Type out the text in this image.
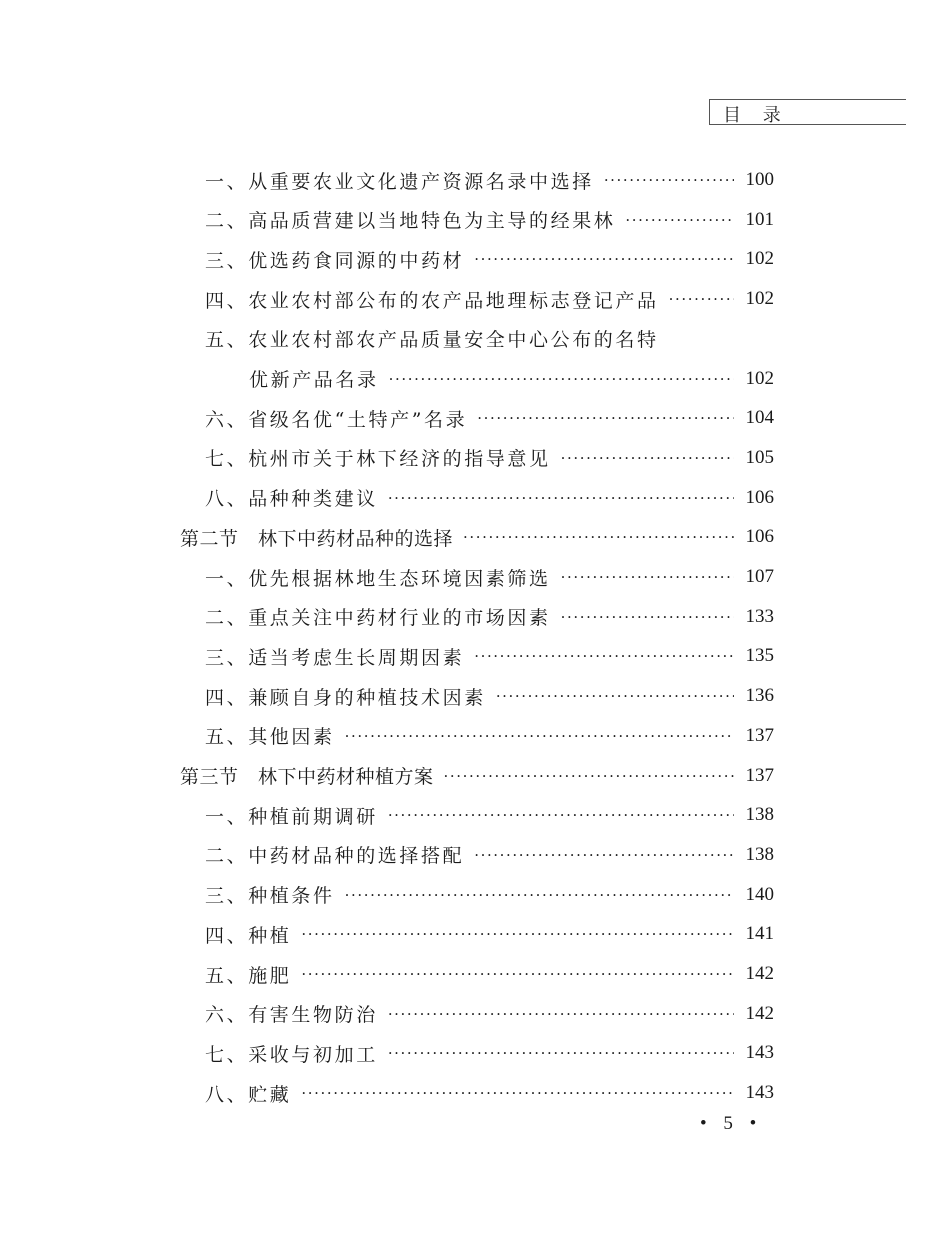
目 录
一、从重要农业文化遗产资源名录中选择 ·····	100
二、高品质营建以当地特色为主导的经果林 ·····	101
三、优选药食同源的中药材 ·····	102
四、农业农村部公布的农产品地理标志登记产品 ·····	102
五、农业农村部农产品质量安全中心公布的名特
优新产品名录 ·····	102
六、省级名优“土特产”名录 ·····	104
七、杭州市关于林下经济的指导意见 ·····	105
八、品种种类建议 ·····	106
第二节　林下中药材品种的选择 ·····	106
一、优先根据林地生态环境因素筛选 ·····	107
二、重点关注中药材行业的市场因素 ·····	133
三、适当考虑生长周期因素 ·····	135
四、兼顾自身的种植技术因素 ·····	136
五、其他因素 ·····	137
第三节　林下中药材种植方案 ·····	137
一、种植前期调研 ·····	138
二、中药材品种的选择搭配 ·····	138
三、种植条件 ·····	140
四、种植 ·····	141
五、施肥 ·····	142
六、有害生物防治 ·····	142
七、采收与初加工 ·····	143
八、贮藏 ·····	143
• 5 •
